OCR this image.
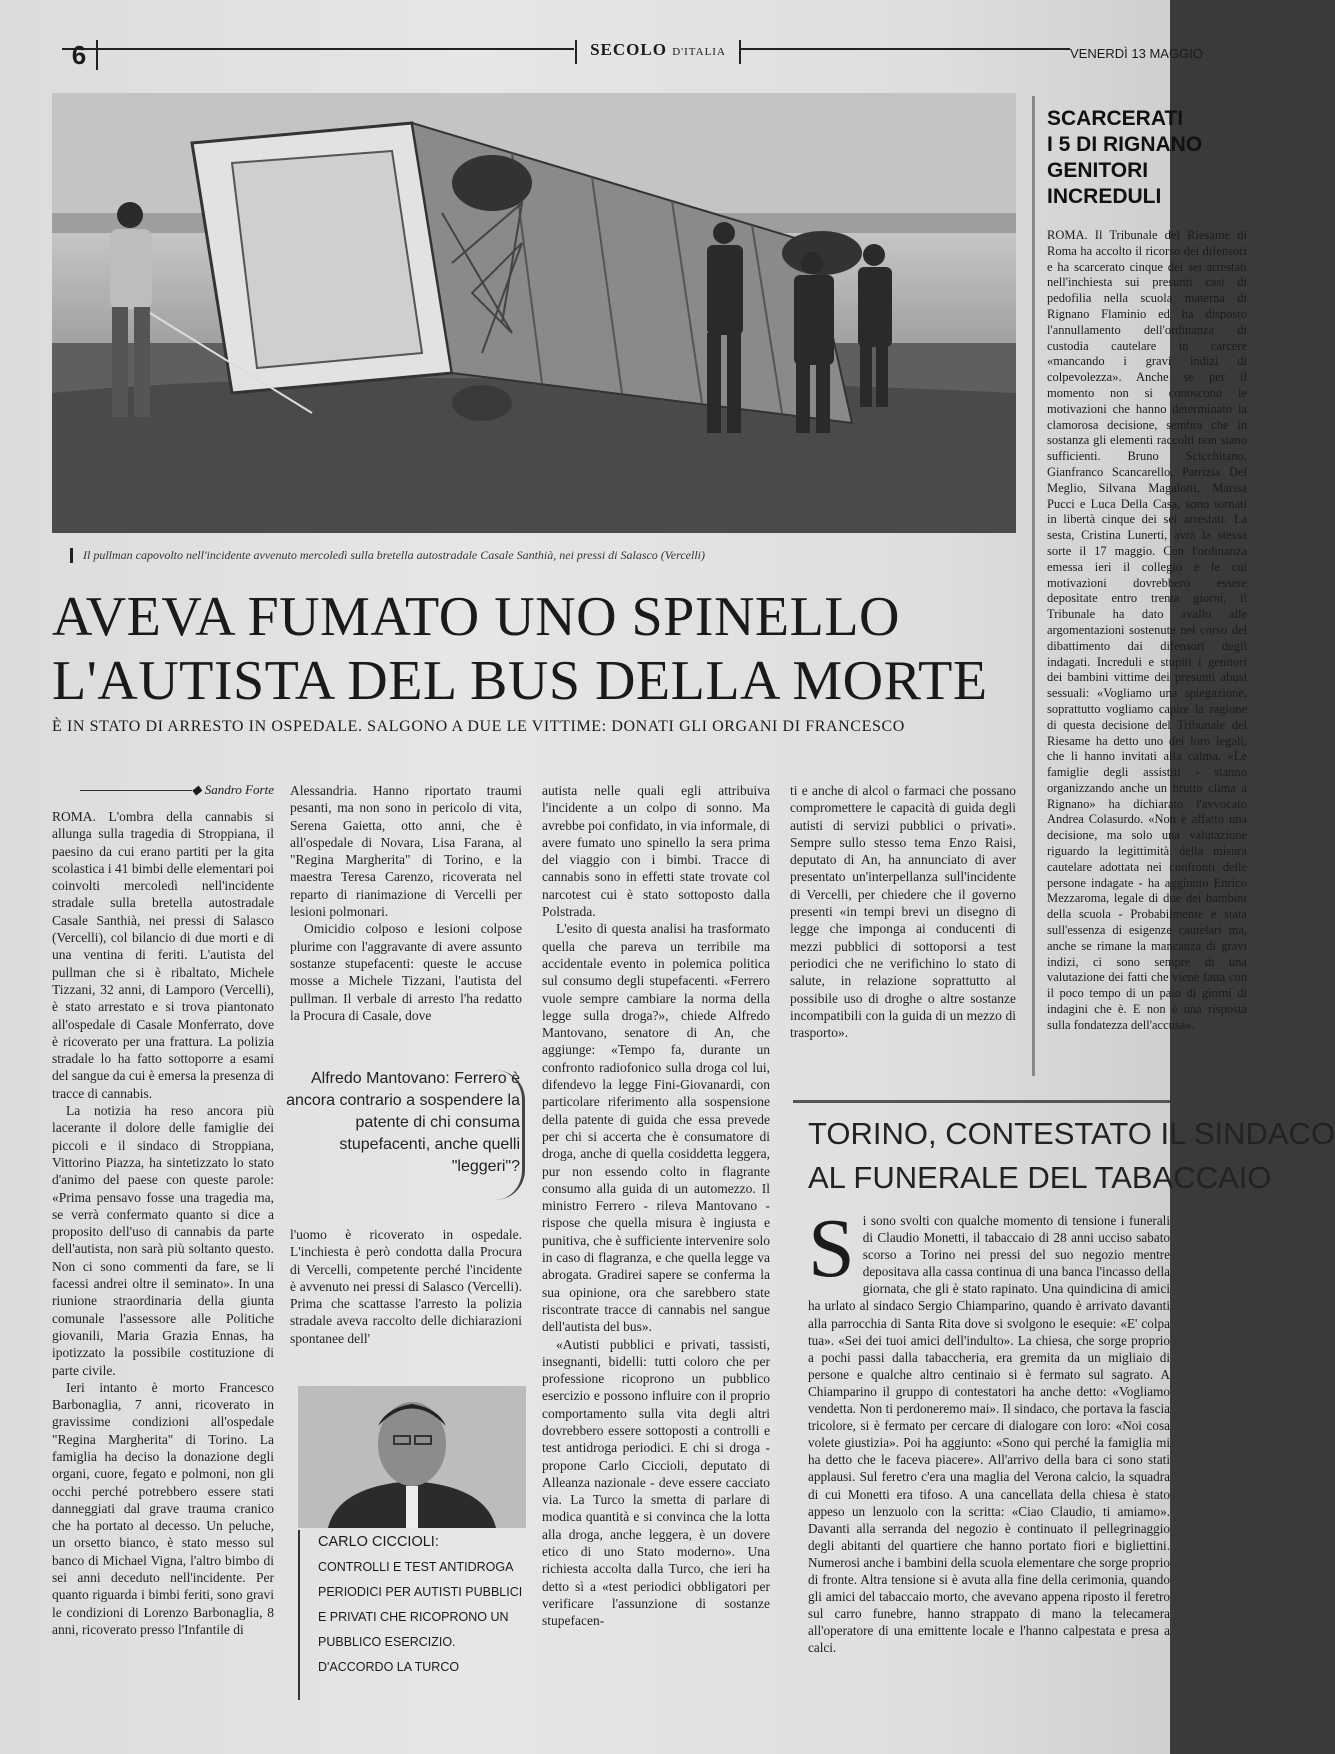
6	SECOLO D'ITALIA	VENERDÌ 13 MAGGIO
Il pullman capovolto nell'incidente avvenuto mercoledì sulla bretella autostradale Casale Santhià, nei pressi di Salasco (Vercelli)
AVEVA FUMATO UNO SPINELLO
L'AUTISTA DEL BUS DELLA MORTE
È IN STATO DI ARRESTO IN OSPEDALE. SALGONO A DUE LE VITTIME: DONATI GLI ORGANI DI FRANCESCO
◆ Sandro Forte

ROMA. L'ombra della cannabis si allunga sulla tragedia di Stroppiana, il paesino da cui erano partiti per la gita scolastica i 41 bimbi delle elementari poi coinvolti mercoledì nell'incidente stradale sulla bretella autostradale Casale Santhià, nei pressi di Salasco (Vercelli), col bilancio di due morti e di una ventina di feriti. L'autista del pullman che si è ribaltato, Michele Tizzani, 32 anni, di Lamporo (Vercelli), è stato arrestato e si trova piantonato all'ospedale di Casale Monferrato, dove è ricoverato per una frattura. La polizia stradale lo ha fatto sottoporre a esami del sangue da cui è emersa la presenza di tracce di cannabis.

La notizia ha reso ancora più lacerante il dolore delle famiglie dei piccoli e il sindaco di Stroppiana, Vittorino Piazza, ha sintetizzato lo stato d'animo del paese con queste parole: «Prima pensavo fosse una tragedia ma, se verrà confermato quanto si dice a proposito dell'uso di cannabis da parte dell'autista, non sarà più soltanto questo. Non ci sono commenti da fare, se li facessi andrei oltre il seminato». In una riunione straordinaria della giunta comunale l'assessore alle Politiche giovanili, Maria Grazia Ennas, ha ipotizzato la possibile costituzione di parte civile.

Ieri intanto è morto Francesco Barbonaglia, 7 anni, ricoverato in gravissime condizioni all'ospedale "Regina Margherita" di Torino. La famiglia ha deciso la donazione degli organi, cuore, fegato e polmoni, non gli occhi perché potrebbero essere stati danneggiati dal grave trauma cranico che ha portato al decesso. Un peluche, un orsetto bianco, è stato messo sul banco di Michael Vigna, l'altro bimbo di sei anni deceduto nell'incidente. Per quanto riguarda i bimbi feriti, sono gravi le condizioni di Lorenzo Barbonaglia, 8 anni, ricoverato presso l'Infantile di

Alessandria. Hanno riportato traumi pesanti, ma non sono in pericolo di vita, Serena Gaietta, otto anni, che è all'ospedale di Novara, Lisa Farana, al "Regina Margherita" di Torino, e la maestra Teresa Carenzo, ricoverata nel reparto di rianimazione di Vercelli per lesioni polmonari.

Omicidio colposo e lesioni colpose plurime con l'aggravante di avere assunto sostanze stupefacenti: queste le accuse mosse a Michele Tizzani, l'autista del pullman. Il verbale di arresto l'ha redatto la Procura di Casale, dove

Alfredo Mantovano: Ferrero è ancora contrario a sospendere la patente di chi consuma stupefacenti, anche quelli "leggeri"?

l'uomo è ricoverato in ospedale. L'inchiesta è però condotta dalla Procura di Vercelli, competente perché l'incidente è avvenuto nei pressi di Salasco (Vercelli). Prima che scattasse l'arresto la polizia stradale aveva raccolto delle dichiarazioni spontanee dell'

CARLO CICCIOLI:
CONTROLLI E TEST ANTIDROGA PERIODICI PER AUTISTI PUBBLICI E PRIVATI CHE RICOPRONO UN PUBBLICO ESERCIZIO. D'ACCORDO LA TURCO

autista nelle quali egli attribuiva l'incidente a un colpo di sonno. Ma avrebbe poi confidato, in via informale, di avere fumato uno spinello la sera prima del viaggio con i bimbi. Tracce di cannabis sono in effetti state trovate col narcotest cui è stato sottoposto dalla Polstrada.

L'esito di questa analisi ha trasformato quella che pareva un terribile ma accidentale evento in polemica politica sul consumo degli stupefacenti. «Ferrero vuole sempre cambiare la norma della legge sulla droga?», chiede Alfredo Mantovano, senatore di An, che aggiunge: «Tempo fa, durante un confronto radiofonico sulla droga col lui, difendevo la legge Fini-Giovanardi, con particolare riferimento alla sospensione della patente di guida che essa prevede per chi si accerta che è consumatore di droga, anche di quella cosiddetta leggera, pur non essendo colto in flagrante consumo alla guida di un automezzo. Il ministro Ferrero - rileva Mantovano - rispose che quella misura è ingiusta e punitiva, che è sufficiente intervenire solo in caso di flagranza, e che quella legge va abrogata. Gradirei sapere se conferma la sua opinione, ora che sarebbero state riscontrate tracce di cannabis nel sangue dell'autista del bus».

«Autisti pubblici e privati, tassisti, insegnanti, bidelli: tutti coloro che per professione ricoprono un pubblico esercizio e possono influire con il proprio comportamento sulla vita degli altri dovrebbero essere sottoposti a controlli e test antidroga periodici. E chi si droga - propone Carlo Ciccioli, deputato di Alleanza nazionale - deve essere cacciato via. La Turco la smetta di parlare di modica quantità e si convinca che la lotta alla droga, anche leggera, è un dovere etico di uno Stato moderno». Una richiesta accolta dalla Turco, che ieri ha detto sì a «test periodici obbligatori per verificare l'assunzione di sostanze stupefacen-

ti e anche di alcol o farmaci che possano compromettere le capacità di guida degli autisti di servizi pubblici o privati». Sempre sullo stesso tema Enzo Raisi, deputato di An, ha annunciato di aver presentato un'interpellanza sull'incidente di Vercelli, per chiedere che il governo presenti «in tempi brevi un disegno di legge che imponga ai conducenti di mezzi pubblici di sottoporsi a test periodici che ne verifichino lo stato di salute, in relazione soprattutto al possibile uso di droghe o altre sostanze incompatibili con la guida di un mezzo di trasporto».

SCARCERATI
I 5 DI RIGNANO
GENITORI
INCREDULI
ROMA. Il Tribunale del Riesame di Roma ha accolto il ricorso dei difensori e ha scarcerato cinque dei sei arrestati nell'inchiesta sui presunti casi di pedofilia nella scuola materna di Rignano Flaminio ed ha disposto l'annullamento dell'ordinanza di custodia cautelare in carcere «mancando i gravi indizi di colpevolezza». Anche se per il momento non si conoscono le motivazioni che hanno determinato la clamorosa decisione, sembra che in sostanza gli elementi raccolti non siano sufficienti. Bruno Scicchitano, Gianfranco Scancarello, Patrizia Del Meglio, Silvana Magalotti, Marisa Pucci e Luca Della Casa, sono tornati in libertà cinque dei sei arrestati. La sesta, Cristina Lunerti, avrà la stessa sorte il 17 maggio. Con l'ordinanza emessa ieri il collegio e le cui motivazioni dovrebbero essere depositate entro trenta giorni, il Tribunale ha dato avallo alle argomentazioni sostenute nel corso del dibattimento dai difensori degli indagati. Increduli e stupiti i genitori dei bambini vittime dei presunti abusi sessuali: «Vogliamo una spiegazione, soprattutto vogliamo capire la ragione di questa decisione del Tribunale del Riesame ha detto uno dei loro legali, che li hanno invitati alla calma. «Le famiglie degli assistiti - stanno organizzando anche un brutto clima a Rignano» ha dichiarato l'avvocato Andrea Colasurdo. «Non è affatto una decisione, ma solo una valutazione riguardo la legittimità della misura cautelare adottata nei confronti delle persone indagate - ha aggiunto Enrico Mezzaroma, legale di due dei bambini della scuola - Probabilmente è stata sull'essenza di esigenze cautelari ma, anche se rimane la mancanza di gravi indizi, ci sono sempre di una valutazione dei fatti che viene fatta con il poco tempo di un paio di giorni di indagini che è. E non è una risposta sulla fondatezza dell'accusa».
TORINO, CONTESTATO IL SINDACO
AL FUNERALE DEL TABACCAIO
S i sono svolti con qualche momento di tensione i funerali di Claudio Monetti, il tabaccaio di 28 anni ucciso sabato scorso a Torino nei pressi del suo negozio mentre depositava alla cassa continua di una banca l'incasso della giornata, che gli è stato rapinato. Una quindicina di amici ha urlato al sindaco Sergio Chiamparino, quando è arrivato davanti alla parrocchia di Santa Rita dove si svolgono le esequie: «E' colpa tua». «Sei dei tuoi amici dell'indulto». La chiesa, che sorge proprio a pochi passi dalla tabaccheria, era gremita da un migliaio di persone e qualche altro centinaio si è fermato sul sagrato. A Chiamparino il gruppo di contestatori ha anche detto: «Vogliamo vendetta. Non ti perdoneremo mai». Il sindaco, che portava la fascia tricolore, si è fermato per cercare di dialogare con loro: «Noi cosa volete giustizia». Poi ha aggiunto: «Sono qui perché la famiglia mi ha detto che le faceva piacere». All'arrivo della bara ci sono stati applausi. Sul feretro c'era una maglia del Verona calcio, la squadra di cui Monetti era tifoso. A una cancellata della chiesa è stato appeso un lenzuolo con la scritta: «Ciao Claudio, ti amiamo». Davanti alla serranda del negozio è continuato il pellegrinaggio degli abitanti del quartiere che hanno portato fiori e bigliettini. Numerosi anche i bambini della scuola elementare che sorge proprio di fronte. Altra tensione si è avuta alla fine della cerimonia, quando gli amici del tabaccaio morto, che avevano appena riposto il feretro sul carro funebre, hanno strappato di mano la telecamera all'operatore di una emittente locale e l'hanno calpestata e presa a calci.
